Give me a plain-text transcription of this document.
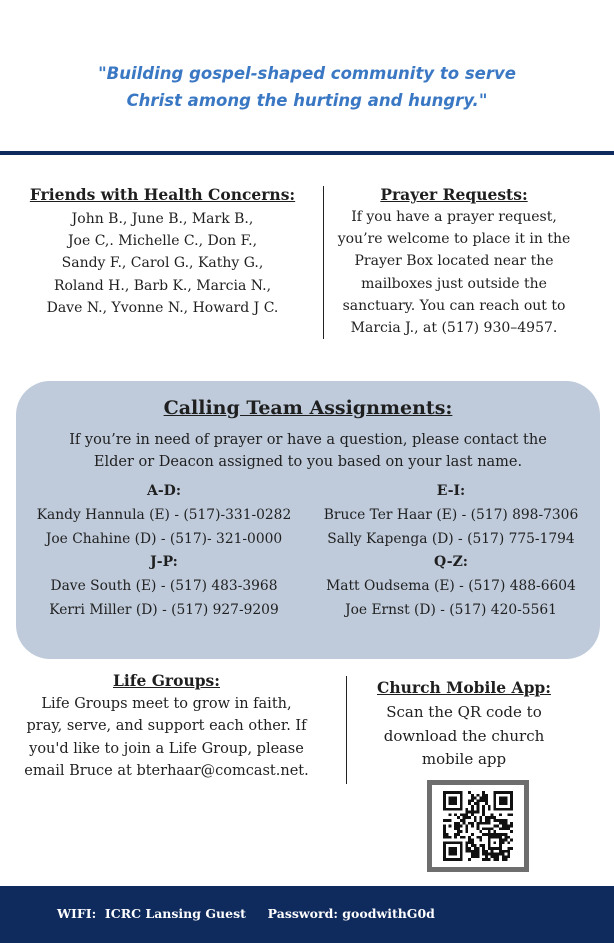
"Building gospel-shaped community to serve
Christ among the hurting and hungry."
Friends with Health Concerns:
John B., June B., Mark B.,
Joe C,. Michelle C., Don F.,
Sandy F., Carol G., Kathy G.,
Roland H., Barb K., Marcia N.,
Dave N., Yvonne N., Howard J C.
Prayer Requests:
If you have a prayer request,
you’re welcome to place it in the
Prayer Box located near the
mailboxes just outside the
sanctuary. You can reach out to
Marcia J., at (517) 930–4957.
Calling Team Assignments:
If you’re in need of prayer or have a question, please contact the
Elder or Deacon assigned to you based on your last name.
A-D:
Kandy Hannula (E) - (517)-331-0282
Joe Chahine (D) - (517)- 321-0000
J-P:
Dave South (E) - (517) 483-3968
Kerri Miller (D) - (517) 927-9209
E-I:
Bruce Ter Haar (E) - (517) 898-7306
Sally Kapenga (D) - (517) 775-1794
Q-Z:
Matt Oudsema (E) - (517) 488-6604
Joe Ernst (D) - (517) 420-5561
Life Groups:
Life Groups meet to grow in faith,
pray, serve, and support each other. If
you'd like to join a Life Group, please
email Bruce at bterhaar@comcast.net.
Church Mobile App:
Scan the QR code to
download the church
mobile app
WIFI:  ICRC Lansing Guest Password: goodwithG0d
